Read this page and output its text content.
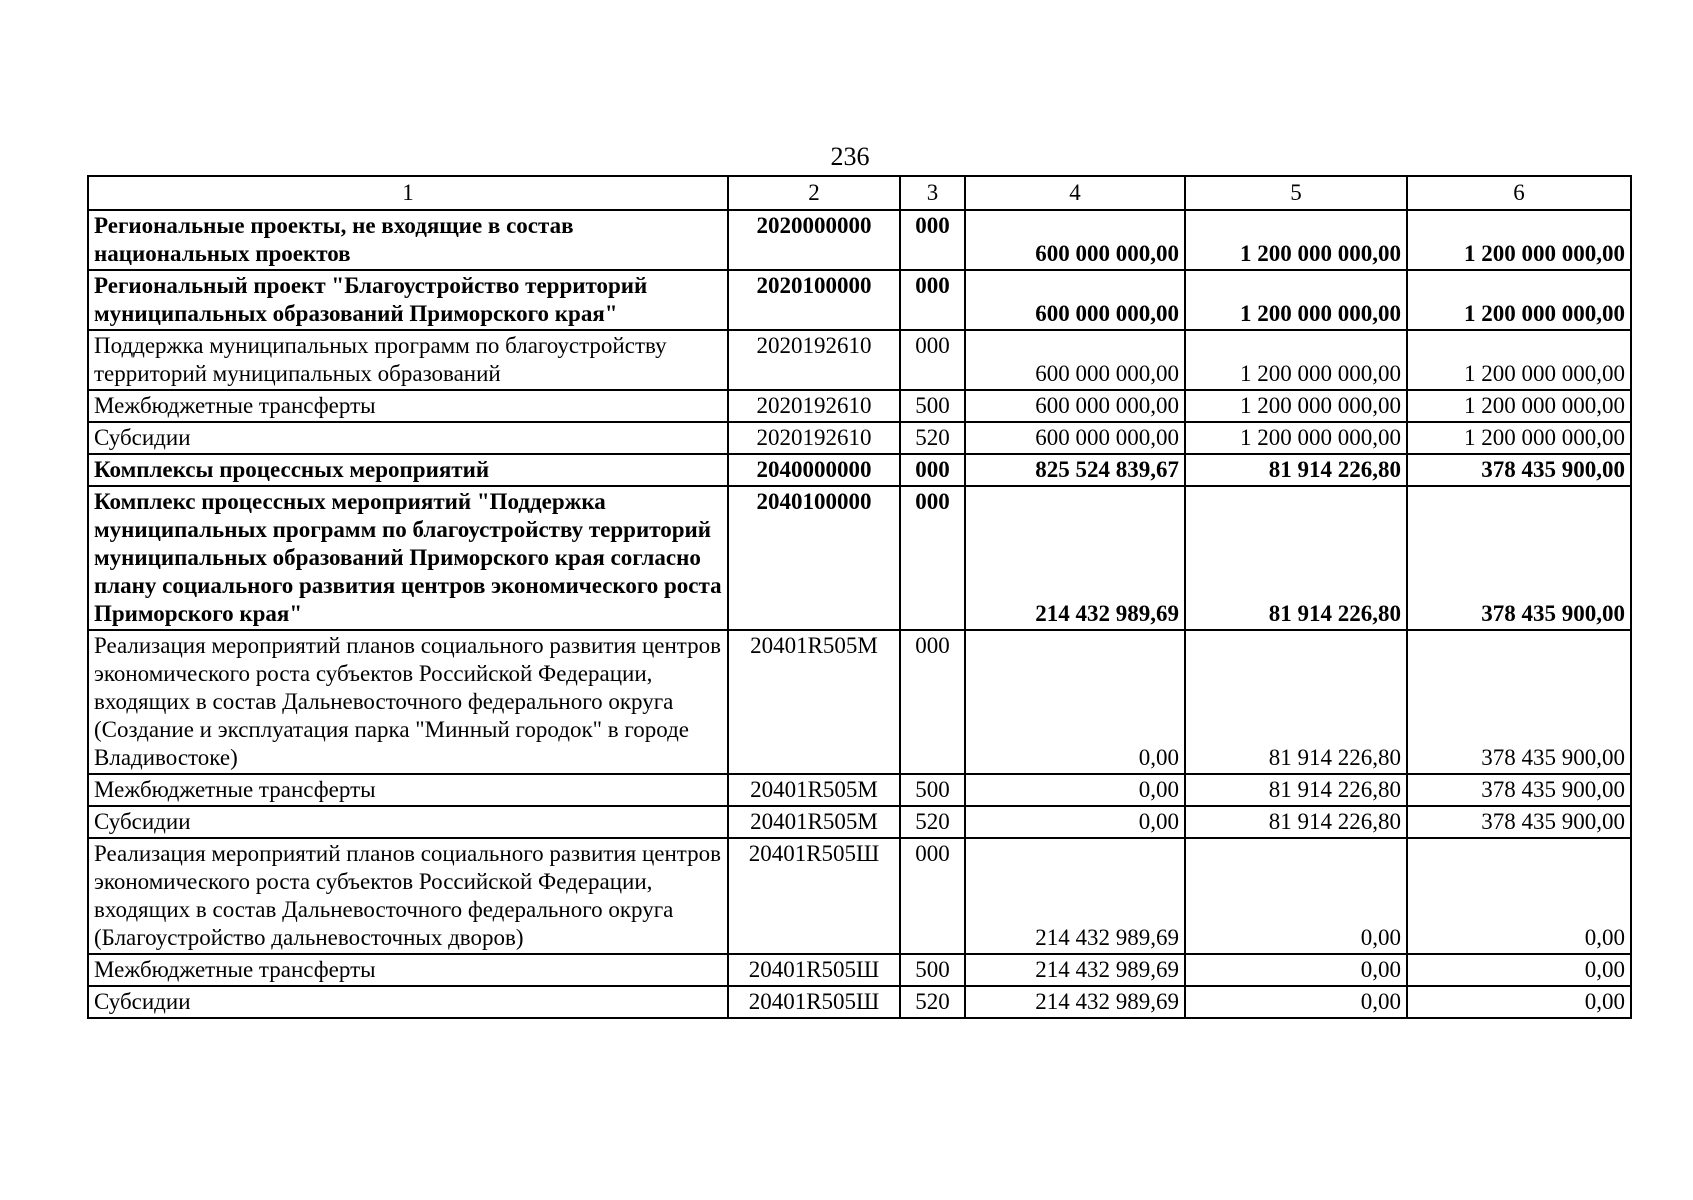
236
1	2	3	4	5	6
Региональные проекты, не входящие в состав национальных проектов	2020000000	000	600 000 000,00	1 200 000 000,00	1 200 000 000,00
Региональный проект "Благоустройство территорий муниципальных образований Приморского края"	2020100000	000	600 000 000,00	1 200 000 000,00	1 200 000 000,00
Поддержка муниципальных программ по благоустройству территорий муниципальных образований	2020192610	000	600 000 000,00	1 200 000 000,00	1 200 000 000,00
Межбюджетные трансферты	2020192610	500	600 000 000,00	1 200 000 000,00	1 200 000 000,00
Субсидии	2020192610	520	600 000 000,00	1 200 000 000,00	1 200 000 000,00
Комплексы процессных мероприятий	2040000000	000	825 524 839,67	81 914 226,80	378 435 900,00
Комплекс процессных мероприятий "Поддержка муниципальных программ по благоустройству территорий муниципальных образований Приморского края согласно плану социального развития центров экономического роста Приморского края"	2040100000	000	214 432 989,69	81 914 226,80	378 435 900,00
Реализация мероприятий планов социального развития центров экономического роста субъектов Российской Федерации, входящих в состав Дальневосточного федерального округа (Создание и эксплуатация парка "Минный городок" в городе Владивостоке)	20401R505M	000	0,00	81 914 226,80	378 435 900,00
Межбюджетные трансферты	20401R505M	500	0,00	81 914 226,80	378 435 900,00
Субсидии	20401R505M	520	0,00	81 914 226,80	378 435 900,00
Реализация мероприятий планов социального развития центров экономического роста субъектов Российской Федерации, входящих в состав Дальневосточного федерального округа (Благоустройство дальневосточных дворов)	20401R505Ш	000	214 432 989,69	0,00	0,00
Межбюджетные трансферты	20401R505Ш	500	214 432 989,69	0,00	0,00
Субсидии	20401R505Ш	520	214 432 989,69	0,00	0,00
